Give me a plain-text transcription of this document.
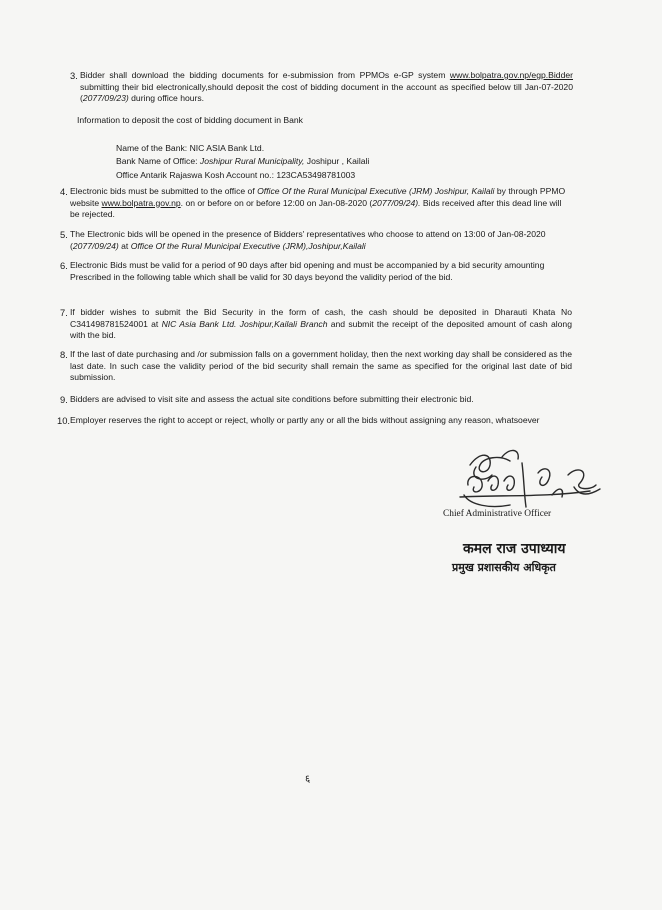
3. Bidder shall download the bidding documents for e-submission from PPMOs e-GP system www.bolpatra.gov.np/egp.Bidder submitting their bid electronically,should deposit the cost of bidding document in the account as specified below till Jan-07-2020 (2077/09/23) during office hours.
Information to deposit the cost of bidding document in Bank
Name of the Bank: NIC ASIA Bank Ltd.
Bank Name of Office: Joshipur Rural Municipality, Joshipur , Kailali
Office Antarik Rajaswa Kosh Account no.: 123CA53498781003
4. Electronic bids must be submitted to the office of Office Of the Rural Municipal Executive (JRM) Joshipur, Kailali by through PPMO website www.bolpatra.gov.np. on or before on or before 12:00 on Jan-08-2020 (2077/09/24). Bids received after this dead line will be rejected.
5. The Electronic bids will be opened in the presence of Bidders' representatives who choose to attend on 13:00 of Jan-08-2020 (2077/09/24) at Office Of the Rural Municipal Executive (JRM),Joshipur,Kailali
6. Electronic Bids must be valid for a period of 90 days after bid opening and must be accompanied by a bid security amounting Prescribed in the following table which shall be valid for 30 days beyond the validity period of the bid.
7. If bidder wishes to submit the Bid Security in the form of cash, the cash should be deposited in Dharauti Khata No C341498781524001 at NIC Asia Bank Ltd. Joshipur,Kailali Branch and submit the receipt of the deposited amount of cash along with the bid.
8. If the last of date purchasing and /or submission falls on a government holiday, then the next working day shall be considered as the last date. In such case the validity period of the bid security shall remain the same as specified for the original last date of bid submission.
9. Bidders are advised to visit site and assess the actual site conditions before submitting their electronic bid.
10. Employer reserves the right to accept or reject, wholly or partly any or all the bids without assigning any reason, whatsoever
Chief Administrative Officer
कमल राज उपाध्याय
प्रमुख प्रशासकीय अधिकृत
६
